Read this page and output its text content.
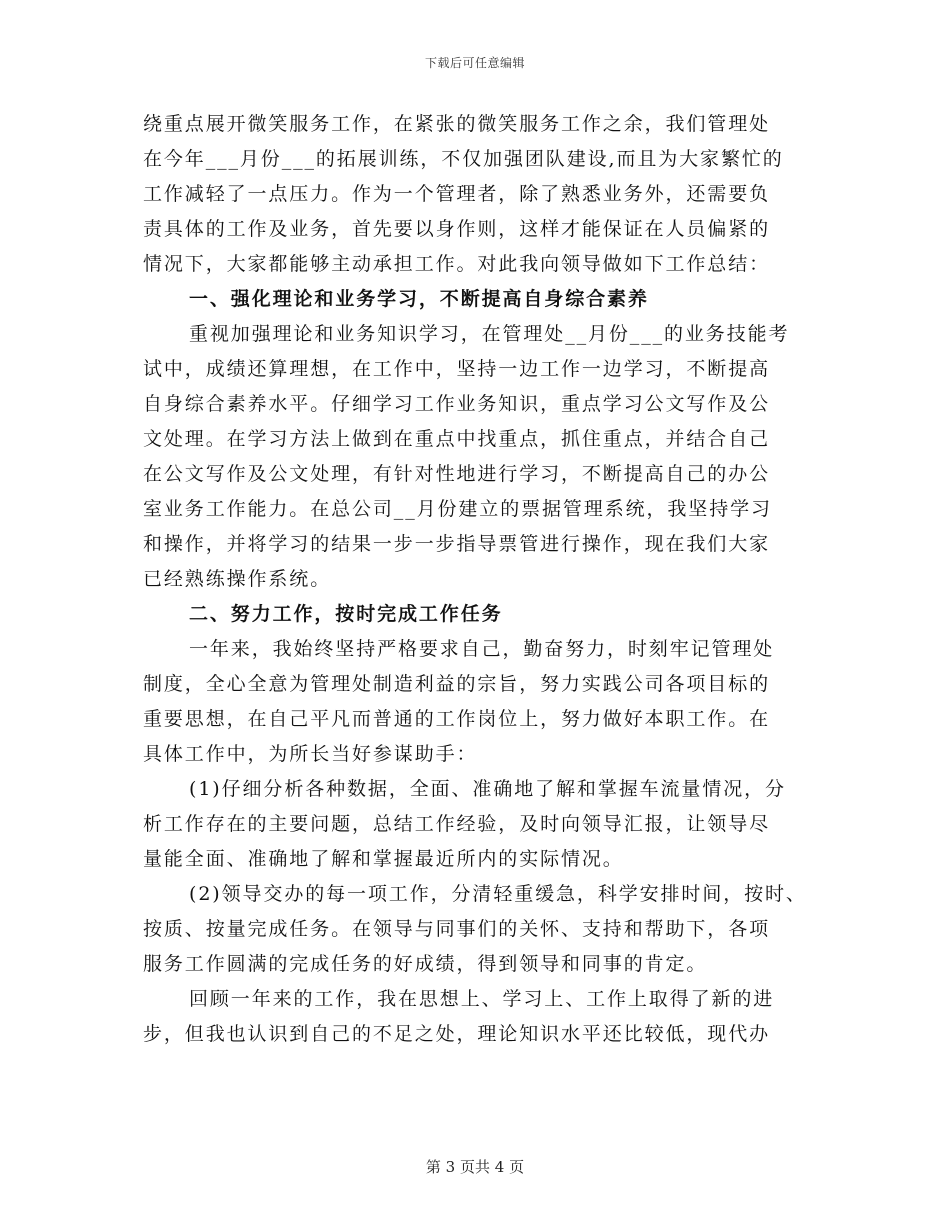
下载后可任意编辑
绕重点展开微笑服务工作，在紧张的微笑服务工作之余，我们管理处
在今年___月份___的拓展训练，不仅加强团队建设,而且为大家繁忙的
工作减轻了一点压力。作为一个管理者，除了熟悉业务外，还需要负
责具体的工作及业务，首先要以身作则，这样才能保证在人员偏紧的
情况下，大家都能够主动承担工作。对此我向领导做如下工作总结：
一、强化理论和业务学习，不断提高自身综合素养
重视加强理论和业务知识学习，在管理处__月份___的业务技能考
试中，成绩还算理想，在工作中，坚持一边工作一边学习，不断提高
自身综合素养水平。仔细学习工作业务知识，重点学习公文写作及公
文处理。在学习方法上做到在重点中找重点，抓住重点，并结合自己
在公文写作及公文处理，有针对性地进行学习，不断提高自己的办公
室业务工作能力。在总公司__月份建立的票据管理系统，我坚持学习
和操作，并将学习的结果一步一步指导票管进行操作，现在我们大家
已经熟练操作系统。
二、努力工作，按时完成工作任务
一年来，我始终坚持严格要求自己，勤奋努力，时刻牢记管理处
制度，全心全意为管理处制造利益的宗旨，努力实践公司各项目标的
重要思想，在自己平凡而普通的工作岗位上，努力做好本职工作。在
具体工作中，为所长当好参谋助手：
(1)仔细分析各种数据，全面、准确地了解和掌握车流量情况，分
析工作存在的主要问题，总结工作经验，及时向领导汇报，让领导尽
量能全面、准确地了解和掌握最近所内的实际情况。
(2)领导交办的每一项工作，分清轻重缓急，科学安排时间，按时、
按质、按量完成任务。在领导与同事们的关怀、支持和帮助下，各项
服务工作圆满的完成任务的好成绩，得到领导和同事的肯定。
回顾一年来的工作，我在思想上、学习上、工作上取得了新的进
步，但我也认识到自己的不足之处，理论知识水平还比较低，现代办
第 3 页共 4 页
